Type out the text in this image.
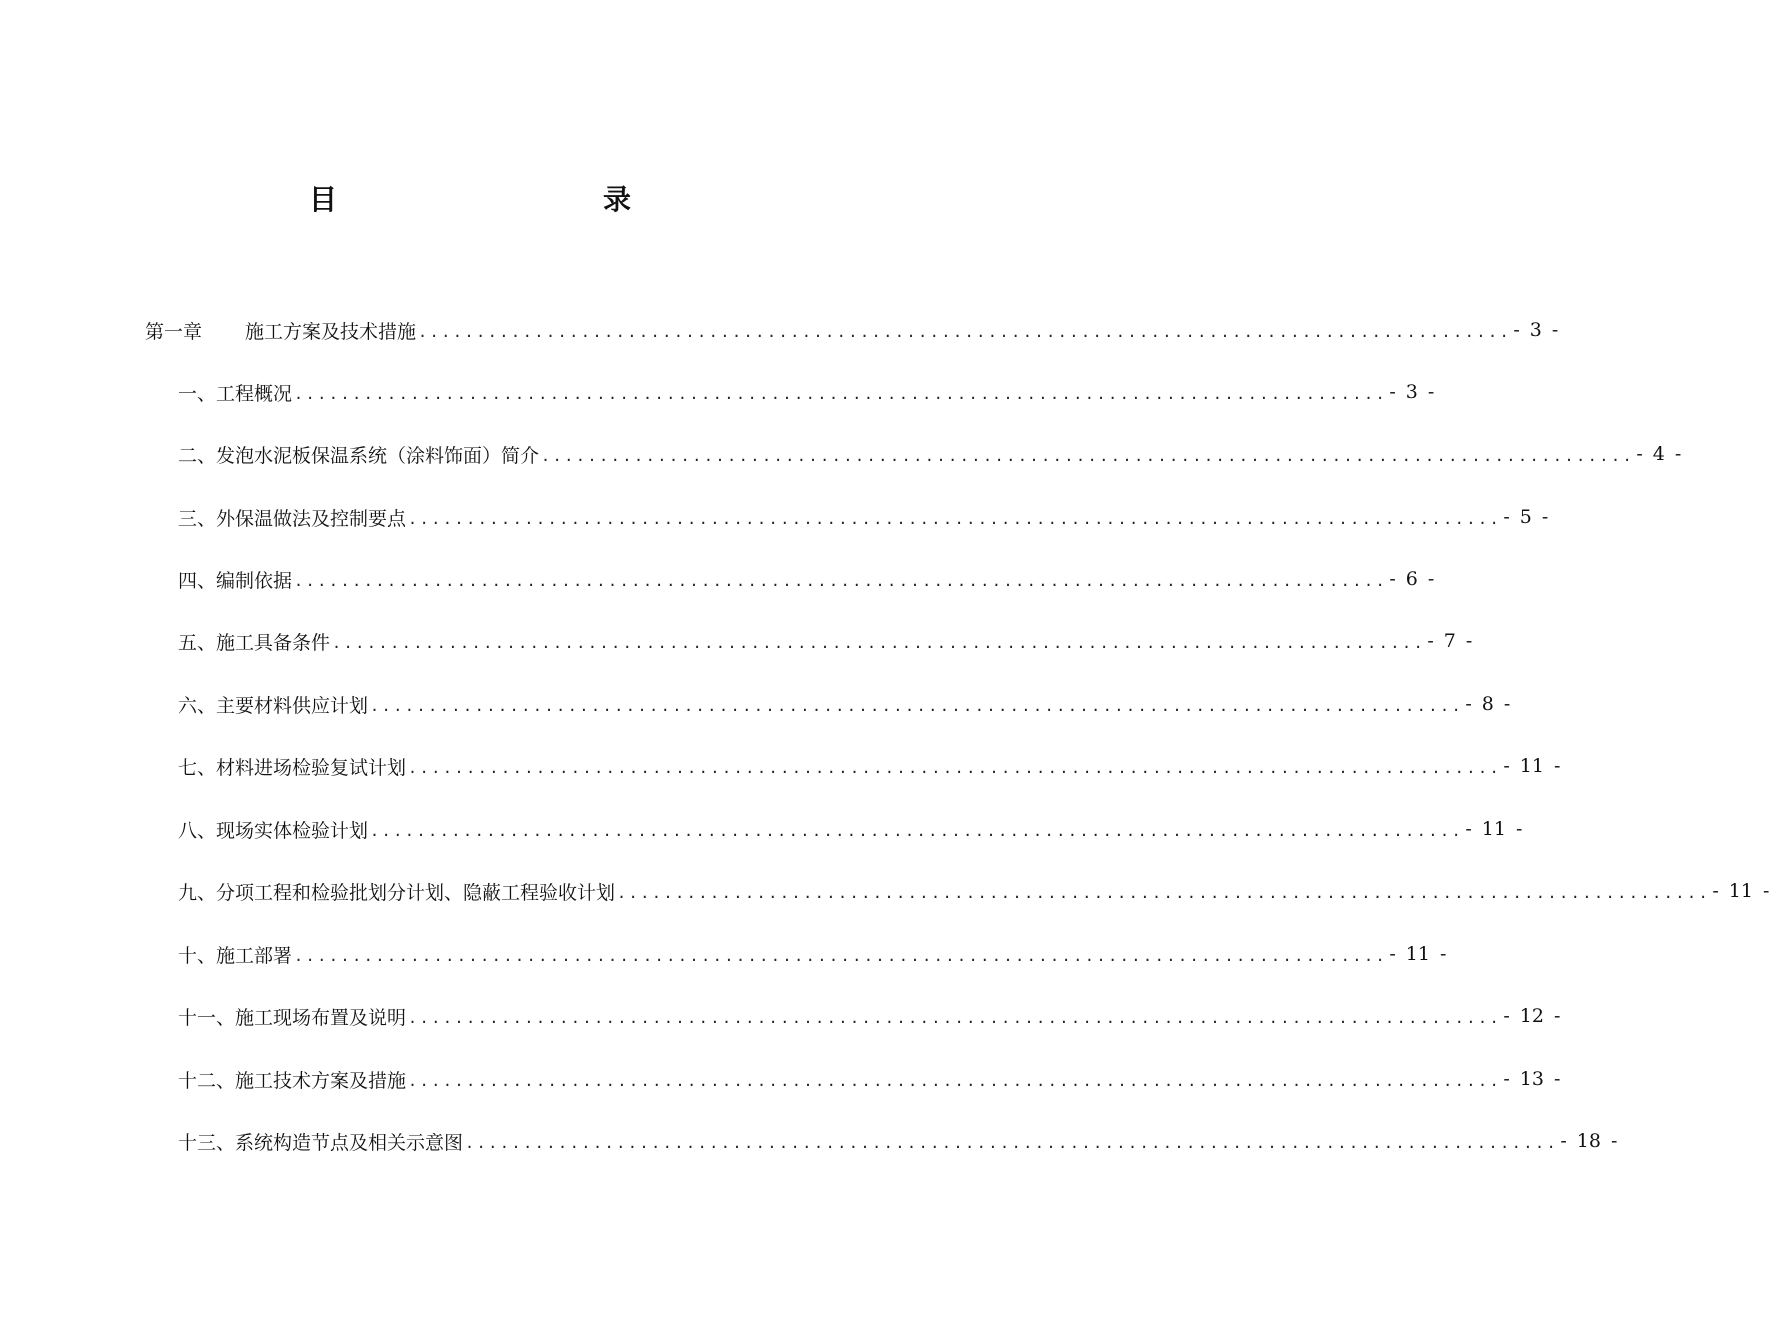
目　　录
第一章 施工方案及技术措施 .............................................................................................. - 3 -
一、工程概况 .............................................................................................. - 3 -
二、发泡水泥板保温系统（涂料饰面）简介 .............................................................................................. - 4 -
三、外保温做法及控制要点 .............................................................................................. - 5 -
四、编制依据 .............................................................................................. - 6 -
五、施工具备条件 .............................................................................................. - 7 -
六、主要材料供应计划 .............................................................................................. - 8 -
七、材料进场检验复试计划 .............................................................................................. - 11 -
八、现场实体检验计划 .............................................................................................. - 11 -
九、分项工程和检验批划分计划、隐蔽工程验收计划 .............................................................................................. - 11 -
十、施工部署 .............................................................................................. - 11 -
十一、施工现场布置及说明 .............................................................................................. - 12 -
十二、施工技术方案及措施 .............................................................................................. - 13 -
十三、系统构造节点及相关示意图 .............................................................................................. - 18 -
